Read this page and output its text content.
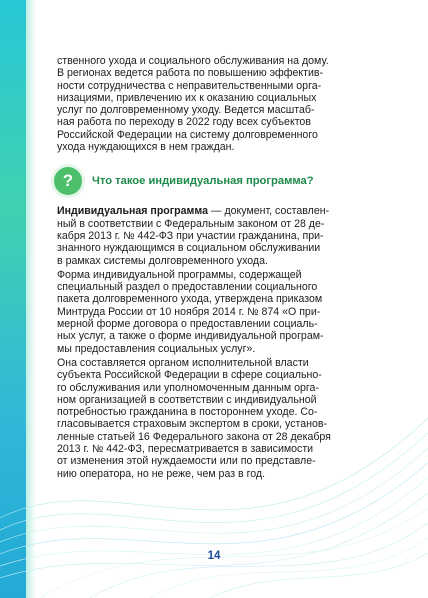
ственного ухода и социального обслуживания на дому.

В регионах ведется работа по повышению эффектив-

ности сотрудничества с неправительственными орга-

низациями, привлечению их к оказанию социальных

услуг по долговременному уходу. Ведется масштаб-

ная работа по переходу в 2022 году всех субъектов

Российской Федерации на систему долговременного

ухода нуждающихся в нем граждан.

?	Что такое индивидуальная программа?

Индивидуальная программа — документ, составлен-

ный в соответствии с Федеральным законом от 28 де-

кабря 2013 г. № 442-ФЗ при участии гражданина, при-

знанного нуждающимся в социальном обслуживании

в рамках системы долговременного ухода.

Форма индивидуальной программы, содержащей

специальный раздел о предоставлении социального

пакета долговременного ухода, утверждена приказом

Минтруда России от 10 ноября 2014 г. № 874 «О при-

мерной форме договора о предоставлении социаль-

ных услуг, а также о форме индивидуальной програм-

мы предоставления социальных услуг».

Она составляется органом исполнительной власти

субъекта Российской Федерации в сфере социально-

го обслуживания или уполномоченным данным орга-

ном организацией в соответствии с индивидуальной

потребностью гражданина в постороннем уходе. Со-

гласовывается страховым экспертом в сроки, установ-

ленные статьей 16 Федерального закона от 28 декабря

2013 г. № 442-ФЗ, пересматривается в зависимости

от изменения этой нуждаемости или по представле-

нию оператора, но не реже, чем раз в год.

14
